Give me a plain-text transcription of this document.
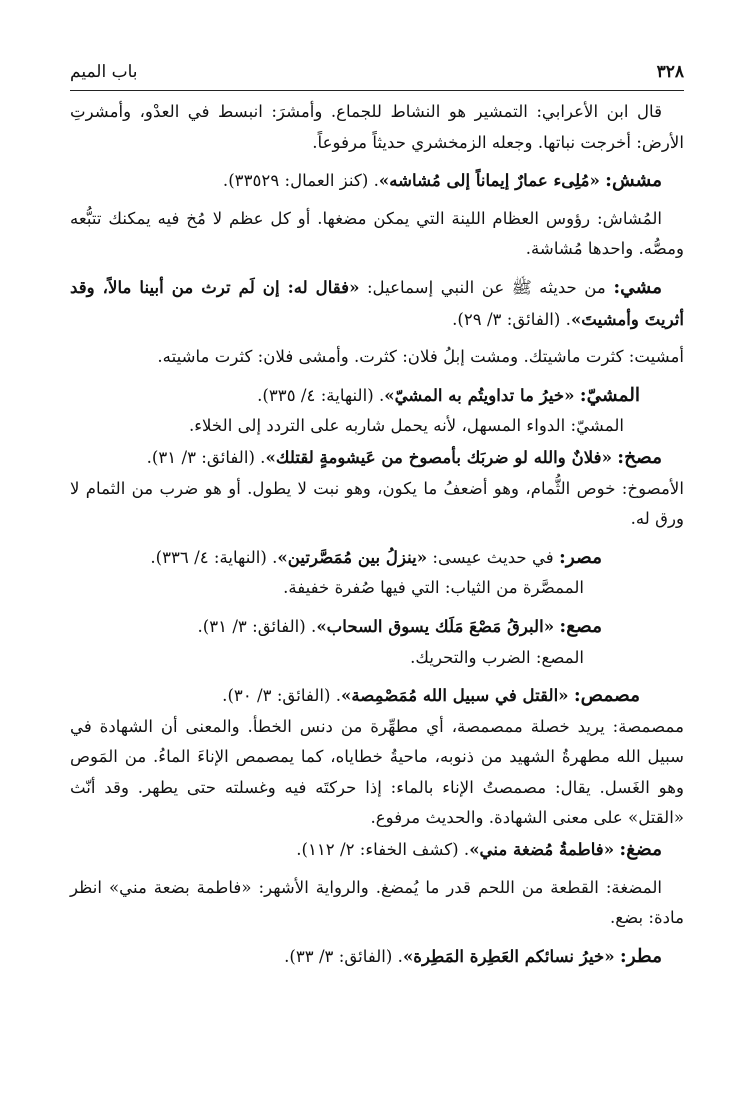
٣٢٨
باب الميم

قال ابن الأعرابي: التمشير هو النشاط للجماع. وأمشرَ: انبسط في العدْو، وأمشرتِ الأرض: أخرجت نباتها. وجعله الزمخشري حديثاً مرفوعاً.

مشش: «مُلِىء عمارٌ إيماناً إلى مُشاشه». (كنز العمال: ٣٣٥٢٩).

المُشاش: رؤوس العظام اللينة التي يمكن مضغها. أو كل عظم لا مُخ فيه يمكنك تتبُّعه ومصُّه. واحدها مُشاشة.

مشي: من حديثه ﷺ عن النبي إسماعيل: «فقال له: إن لَم ترث من أبينا مالاً، وقد أثريتَ وأمشيتَ». (الفائق: ٣/ ٢٩).

أمشيت: كثرت ماشيتك. ومشت إبلُ فلان: كثرت. وأمشى فلان: كثرت ماشيته.

المشيّ: «خيرُ ما تداويتُم به المشيّ». (النهاية: ٤/ ٣٣٥).

المشيّ: الدواء المسهل، لأنه يحمل شاربه على التردد إلى الخلاء.

مصخ: «فلانٌ والله لو ضربَك بأمصوخ من عَيشومةٍ لقتلك». (الفائق: ٣/ ٣١).

الأمصوخ: خوص الثُّمام، وهو أضعفُ ما يكون، وهو نبت لا يطول. أو هو ضرب من الثمام لا ورق له.

مصر: في حديث عيسى: «ينزلُ بين مُمَصَّرتين». (النهاية: ٤/ ٣٣٦).

الممصَّرة من الثياب: التي فيها صُفرة خفيفة.

مصع: «البرقُ مَصْعَ مَلَك يسوق السحاب». (الفائق: ٣/ ٣١).

المصع: الضرب والتحريك.

مصمص: «القتل في سبيل الله مُمَصْمِصة». (الفائق: ٣/ ٣٠).

ممصمصة: يريد خصلة ممصمصة، أي مطهِّرة من دنس الخطأ. والمعنى أن الشهادة في سبيل الله مطهرةُ الشهيد من ذنوبه، ماحيةُ خطاياه، كما يمصمص الإناءَ الماءُ. من المَوص وهو الغَسل. يقال: مصمصتُ الإناء بالماء: إذا حركتَه فيه وغسلته حتى يطهر. وقد أنّث «القتل» على معنى الشهادة. والحديث مرفوع.

مضغ: «فاطمةُ مُضغة مني». (كشف الخفاء: ٢/ ١١٢).

المضغة: القطعة من اللحم قدر ما يُمضغ. والرواية الأشهر: «فاطمة بضعة مني» انظر مادة: بضع.

مطر: «خيرُ نسائكم العَطِرة المَطِرة». (الفائق: ٣/ ٣٣).
